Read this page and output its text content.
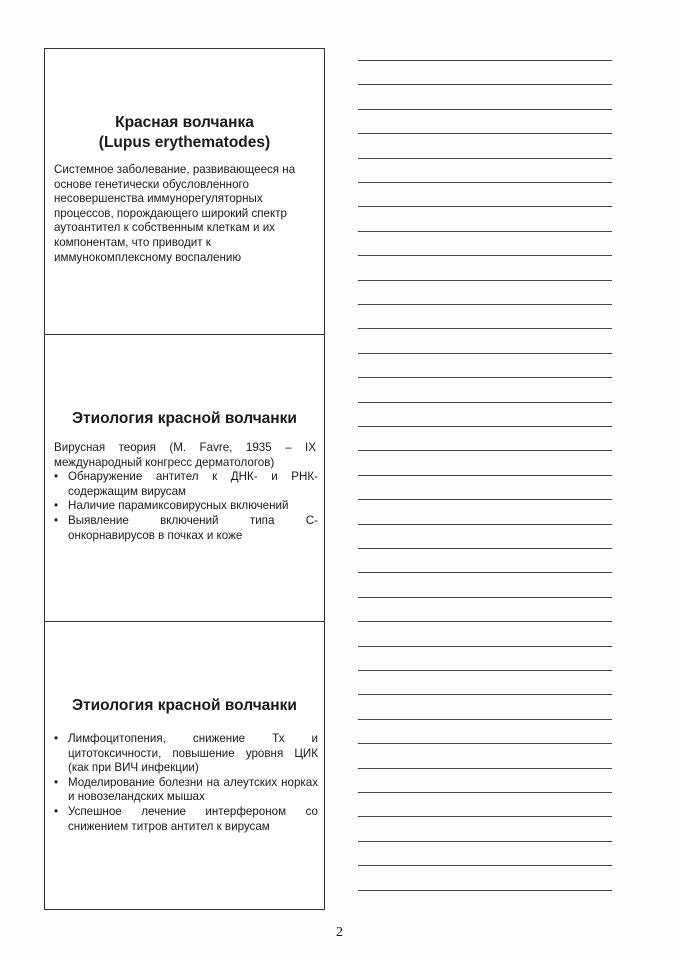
Красная волчанка
(Lupus erythematodes)

Системное заболевание, развивающееся на основе генетически обусловленного несовершенства иммунорегуляторных процессов, порождающего широкий спектр аутоантител к собственным клеткам и их компонентам, что приводит к иммунокомплексному воспалению

Этиология красной волчанки

Вирусная теория (M. Favre, 1935 – IX международный конгресс дерматологов)

• Обнаружение антител к ДНК- и РНК-содержащим вирусам
• Наличие парамиксовирусных включений
• Выявление включений типа С-онкорнавирусов в почках и коже
Этиология красной волчанки
• Лимфоцитопения, снижение Тх и цитотоксичности, повышение уровня ЦИК (как при ВИЧ инфекции)
• Моделирование болезни на алеутских норках и новозеландских мышах
• Успешное лечение интерфероном со снижением титров антител к вирусам
2
